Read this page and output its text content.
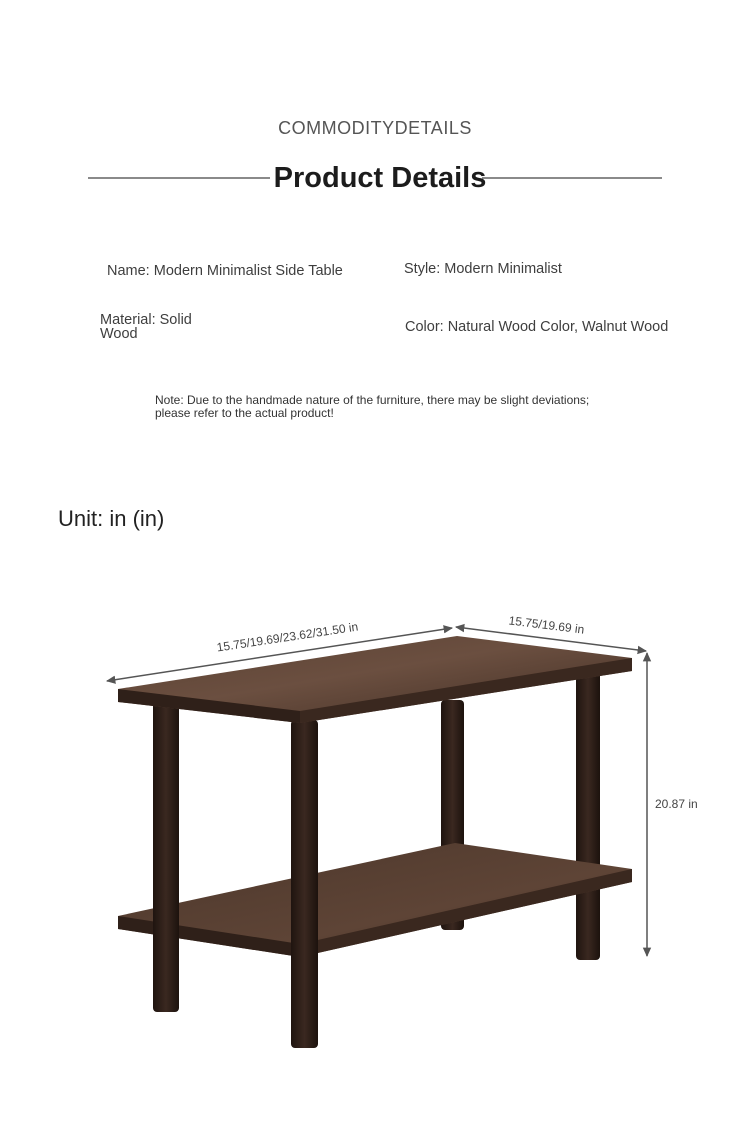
COMMODITYDETAILS
Product Details
Name: Modern Minimalist Side Table	Style: Modern Minimalist
Material: Solid
Wood	Color: Natural Wood Color, Walnut Wood
Note: Due to the handmade nature of the furniture, there may be slight deviations;
please refer to the actual product!
Unit: in (in)
15.75/19.69/23.62/31.50 in	15.75/19.69 in
20.87 in
